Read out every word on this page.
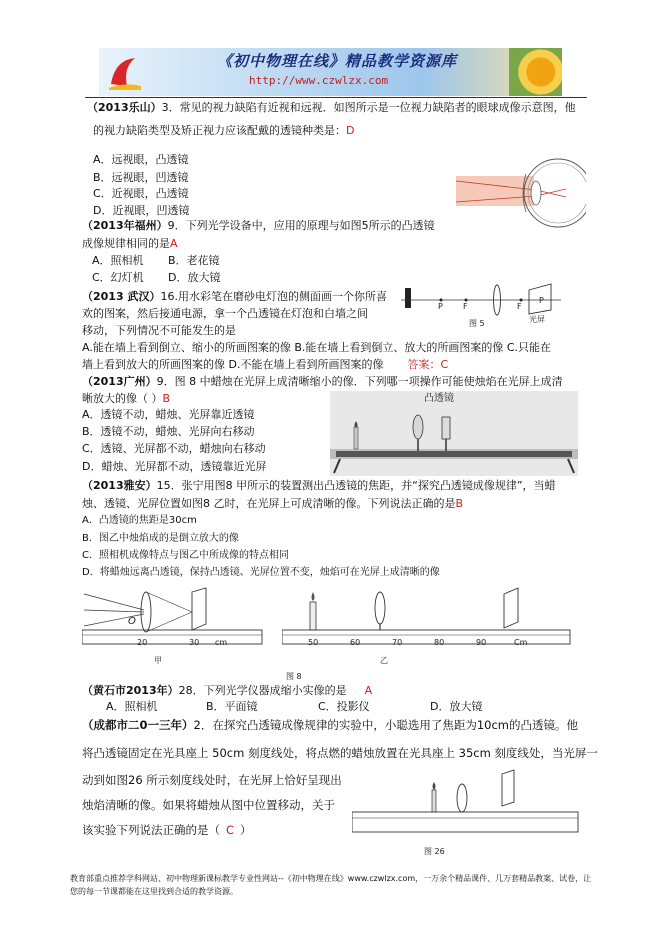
《初中物理在线》精品教学资源库
http://www.czwlzx.com
（2013乐山）3．常见的视力缺陷有近视和远视．如图所示是一位视力缺陷者的眼球成像示意图，他
的视力缺陷类型及矫正视力应该配戴的透镜种类是：D
A．远视眼，凸透镜
B．远视眼，凹透镜
C．近视眼，凸透镜
D．近视眼，凹透镜
（2013年福州）9．下列光学设备中，应用的原理与如图5所示的凸透镜
成像规律相同的是A
A．照相机 B．老花镜
C．幻灯机 D．放大镜
P	F	F
P
光屏
图 5
（2013 武汉）16.用水彩笔在磨砂电灯泡的侧面画一个你所喜
欢的图案，然后接通电源，拿一个凸透镜在灯泡和白墙之间
移动，下列情况不可能发生的是
A.能在墙上看到倒立、缩小的所画图案的像 B.能在墙上看到倒立、放大的所画图案的像 C.只能在
墙上看到放大的所画图案的像 D.不能在墙上看到所画图案的像 答案：C
（2013广州）9．图 8 中蜡烛在光屏上成清晰缩小的像．下列哪一项操作可能使烛焰在光屏上成清
晰放大的像（ ）B
A．透镜不动，蜡烛、光屏靠近透镜
B．透镜不动，蜡烛、光屏向右移动
C．透镜、光屏都不动，蜡烛向右移动
D．蜡烛、光屏都不动，透镜靠近光屏
凸透镜
（2013雅安）15．张宁用图8 甲所示的装置测出凸透镜的焦距，并“探究凸透镜成像规律”，当蜡
烛、透镜、光屏位置如图8 乙时，在光屏上可成清晰的像。下列说法正确的是B
A．凸透镜的焦距是30cm
B．图乙中烛焰成的是倒立放大的像
C．照相机成像特点与图乙中所成像的特点相同
D．将蜡烛远离凸透镜，保持凸透镜、光屏位置不变，烛焰可在光屏上成清晰的像
O
20	30 cm
甲
50	60	70	80	90	Cm
乙
图 8
（黄石市2013年）28．下列光学仪器成缩小实像的是 A
A．照相机	B．平面镜	C．投影仪	D．放大镜
（成都市二0一三年）2．在探究凸透镜成像规律的实验中，小聪选用了焦距为10cm的凸透镜。他
将凸透镜固定在光具座上 50cm 刻度线处，将点燃的蜡烛放置在光具座上 35cm 刻度线处，当光屏一
动到如图26 所示刻度线处时，在光屏上恰好呈现出
烛焰清晰的像。如果将蜡烛从图中位置移动，关于
该实验下列说法正确的是（ C ）
图 26
教育部重点推荐学科网站、初中物理新课标教学专业性网站--《初中物理在线》www.czwlzx.com，一万余个精品课件、几万套精品教案、试卷，让您的每一节课都能在这里找到合适的教学资源。
